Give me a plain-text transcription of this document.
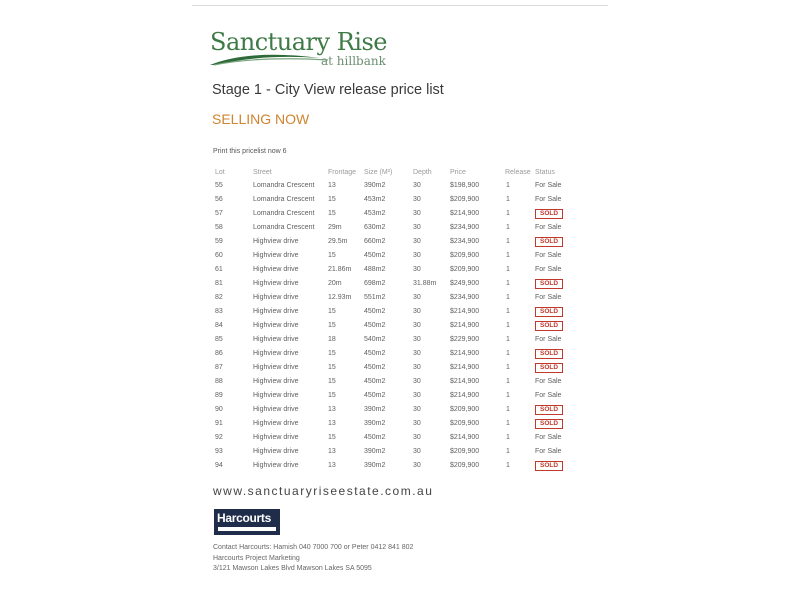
Sanctuary Rise
at hillbank
Stage 1 - City View release price list
SELLING NOW
Print this pricelist now 6
Lot	Street	Frontage Size (M²)	Depth	Price	Release Status
55	Lomandra Crescent 13	390m2	30	$198,900	1	For Sale
56	Lomandra Crescent 15	453m2	30	$209,900	1	For Sale
57	Lomandra Crescent 15	453m2	30	$214,900	1	SOLD
58	Lomandra Crescent 29m	630m2	30	$234,900	1	For Sale
59	Highview drive	29.5m 660m2	30	$234,900	1	SOLD
60	Highview drive	15	450m2	30	$209,900	1	For Sale
61	Highview drive	21.86m 488m2	30	$209,900	1	For Sale
81	Highview drive	20m	698m2	31.88m $249,900	1	SOLD
82	Highview drive	12.93m 551m2	30	$234,900	1	For Sale
83	Highview drive	15	450m2	30	$214,900	1	SOLD
84	Highview drive	15	450m2	30	$214,900	1	SOLD
85	Highview drive	18	540m2	30	$229,900	1	For Sale
86	Highview drive	15	450m2	30	$214,900	1	SOLD
87	Highview drive	15	450m2	30	$214,900	1	SOLD
88	Highview drive	15	450m2	30	$214,900	1	For Sale
89	Highview drive	15	450m2	30	$214,900	1	For Sale
90	Highview drive	13	390m2	30	$209,900	1	SOLD
91	Highview drive	13	390m2	30	$209,900	1	SOLD
92	Highview drive	15	450m2	30	$214,900	1	For Sale
93	Highview drive	13	390m2	30	$209,900	1	For Sale
94	Highview drive	13	390m2	30	$209,900	1	SOLD
www.sanctuaryriseestate.com.au
Harcourts
Contact Harcourts: Hamish 040 7000 700 or Peter 0412 841 802
Harcourts Project Marketing
3/121 Mawson Lakes Blvd Mawson Lakes SA 5095
